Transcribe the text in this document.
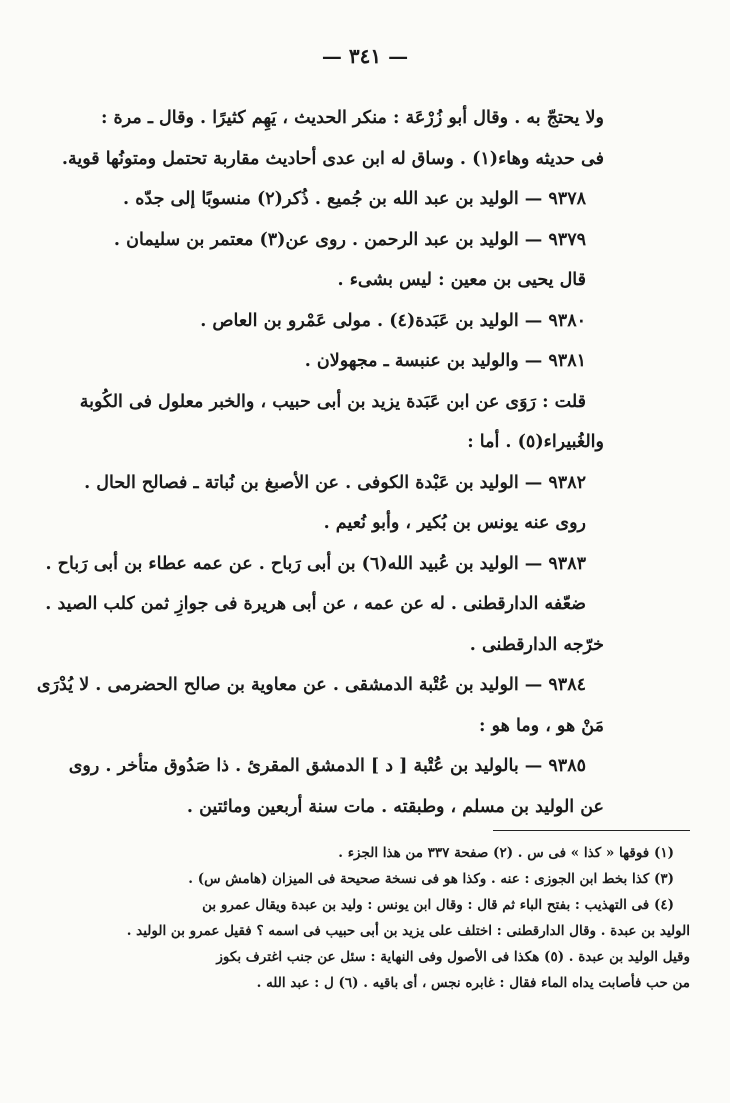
— ٣٤١ —
ولا يحتجّ به . وقال أبو زُرْعَة : منكر الحديث ، يَهِم كثيرًا . وقال ـ مرة :
فى حديثه وهاء(١) . وساق له ابن عدى أحاديث مقاربة تحتمل ومتونُها قوية.
٩٣٧٨ — الوليد بن عبد الله بن جُميع . ذُكر(٢) منسوبًا إلى جدّه .
٩٣٧٩ — الوليد بن عبد الرحمن . روى عن(٣) معتمر بن سليمان .
قال يحيى بن معين : ليس بشىء .
٩٣٨٠ — الوليد بن عَبَدة(٤) . مولى عَمْرو بن العاص .
٩٣٨١ — والوليد بن عنبسة ـ مجهولان .
قلت : رَوَى عن ابن عَبَدة يزيد بن أبى حبيب ، والخبر معلول فى الكُوبة
والغُبيراء(٥) . أما :
٩٣٨٢ — الوليد بن عَبْدة الكوفى . عن الأصبغ بن نُباتة ـ فصالح الحال .
روى عنه يونس بن بُكير ، وأبو نُعيم .
٩٣٨٣ — الوليد بن عُبيد الله(٦) بن أبى رَباح . عن عمه عطاء بن أبى رَباح .
ضعّفه الدارقطنى . له عن عمه ، عن أبى هريرة فى جوازِ ثمن كلب الصيد .
خرّجه الدارقطنى .
٩٣٨٤ — الوليد بن عُتْبة الدمشقى . عن معاوية بن صالح الحضرمى . لا يُدْرَى
مَنْ هو ، وما هو :
٩٣٨٥ — بالوليد بن عُتْبة [ د ] الدمشق المقرئ . ذا صَدُوق متأخر . روى
عن الوليد بن مسلم ، وطبقته . مات سنة أربعين ومائتين .
(١) فوقها « كذا » فى س . (٢) صفحة ٣٣٧ من هذا الجزء .
(٣) كذا بخط ابن الجوزى : عنه . وكذا هو فى نسخة صحيحة فى الميزان (هامش س) .
(٤) فى التهذيب : بفتح الباء ثم قال : وقال ابن يونس : وليد بن عبدة ويقال عمرو بن
الوليد بن عبدة . وقال الدارقطنى : اختلف على يزيد بن أبى حبيب فى اسمه ؟ فقيل عمرو بن الوليد .
وقيل الوليد بن عبدة . (٥) هكذا فى الأصول وفى النهاية : سئل عن جنب اغترف بكوز
من حب فأصابت يداه الماء فقال : غابره نجس ، أى باقيه . (٦) ل : عبد الله .
